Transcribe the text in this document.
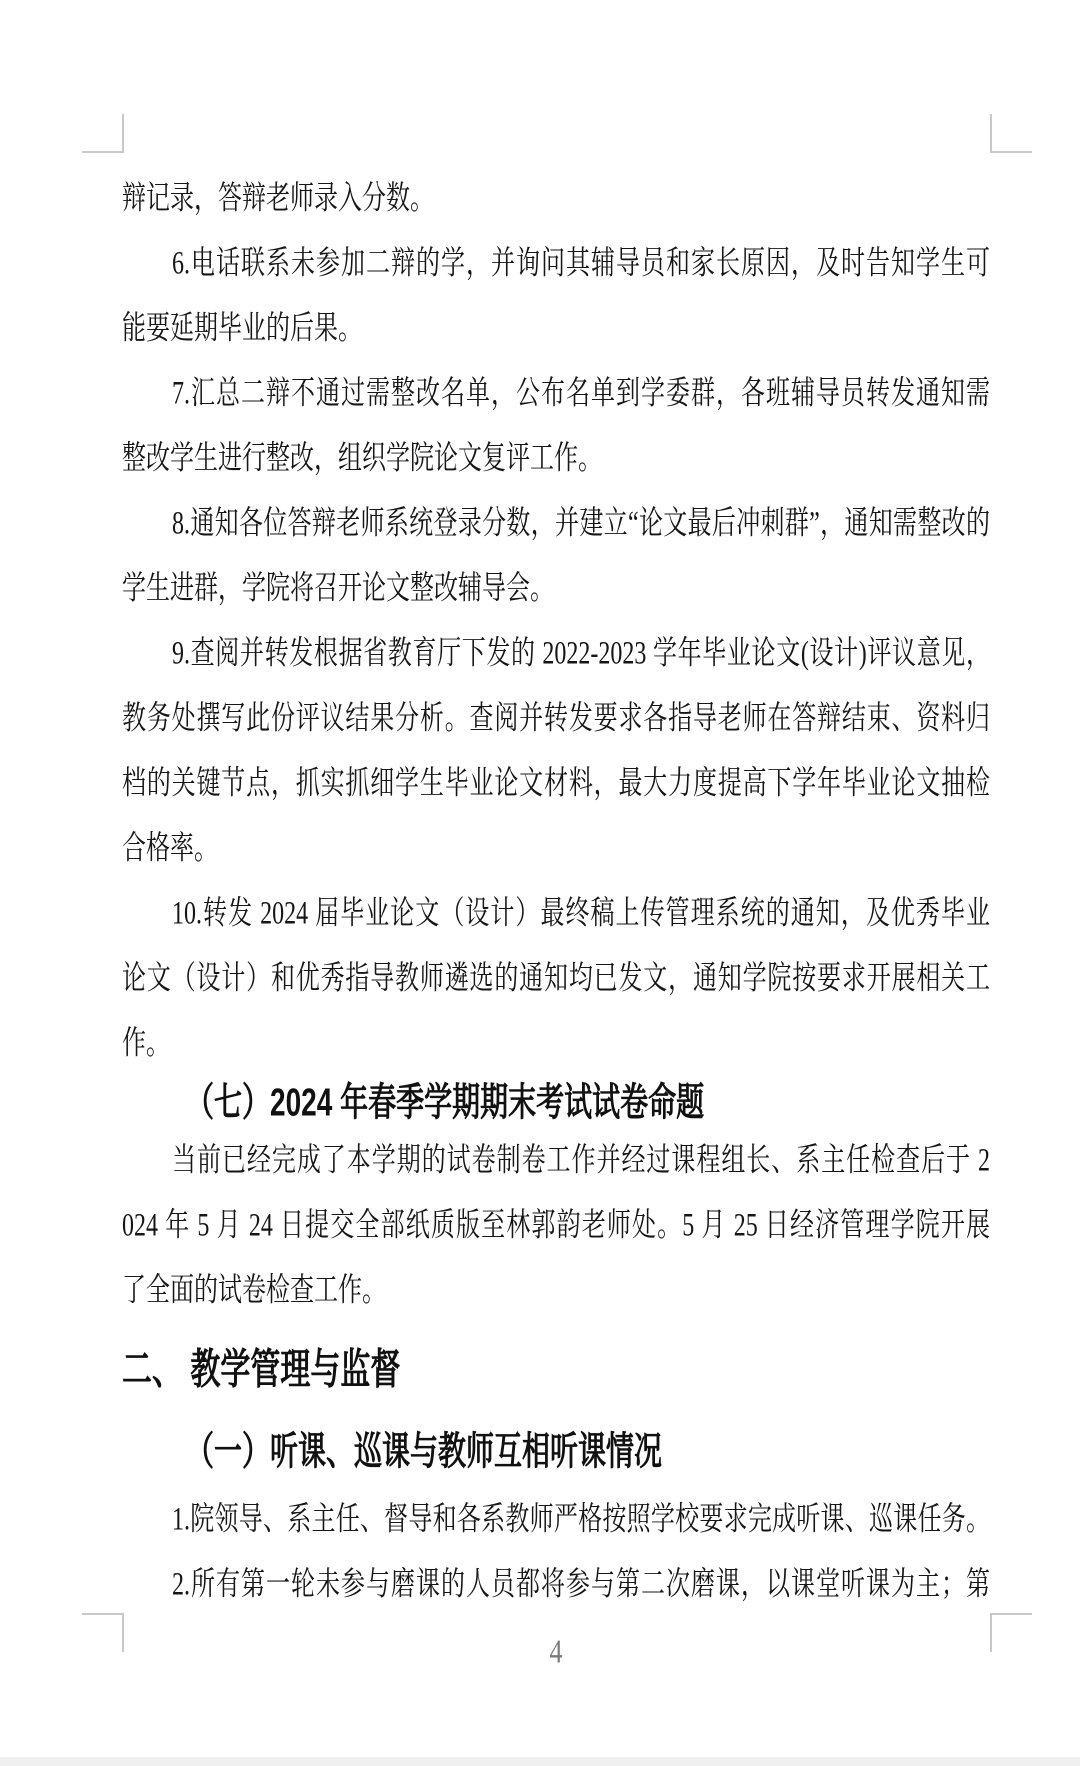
辩记录，答辩老师录入分数。
6.电话联系未参加二辩的学，并询问其辅导员和家长原因，及时告知学生可
能要延期毕业的后果。
7.汇总二辩不通过需整改名单，公布名单到学委群，各班辅导员转发通知需
整改学生进行整改，组织学院论文复评工作。
8.通知各位答辩老师系统登录分数，并建立“论文最后冲刺群”，通知需整改的
学生进群，学院将召开论文整改辅导会。
9.查阅并转发根据省教育厅下发的 2022-2023 学年毕业论文(设计)评议意见，
教务处撰写此份评议结果分析。查阅并转发要求各指导老师在答辩结束、资料归
档的关键节点，抓实抓细学生毕业论文材料，最大力度提高下学年毕业论文抽检
合格率。
10.转发 2024 届毕业论文（设计）最终稿上传管理系统的通知，及优秀毕业
论文（设计）和优秀指导教师遴选的通知均已发文，通知学院按要求开展相关工
作。
（七）2024 年春季学期期末考试试卷命题
当前已经完成了本学期的试卷制卷工作并经过课程组长、系主任检查后于 2
024 年 5 月 24 日提交全部纸质版至林郭韵老师处。5 月 25 日经济管理学院开展
了全面的试卷检查工作。
二、 教学管理与监督
（一）听课、巡课与教师互相听课情况
1.院领导、系主任、督导和各系教师严格按照学校要求完成听课、巡课任务。
2.所有第一轮未参与磨课的人员都将参与第二次磨课，以课堂听课为主；第
4
